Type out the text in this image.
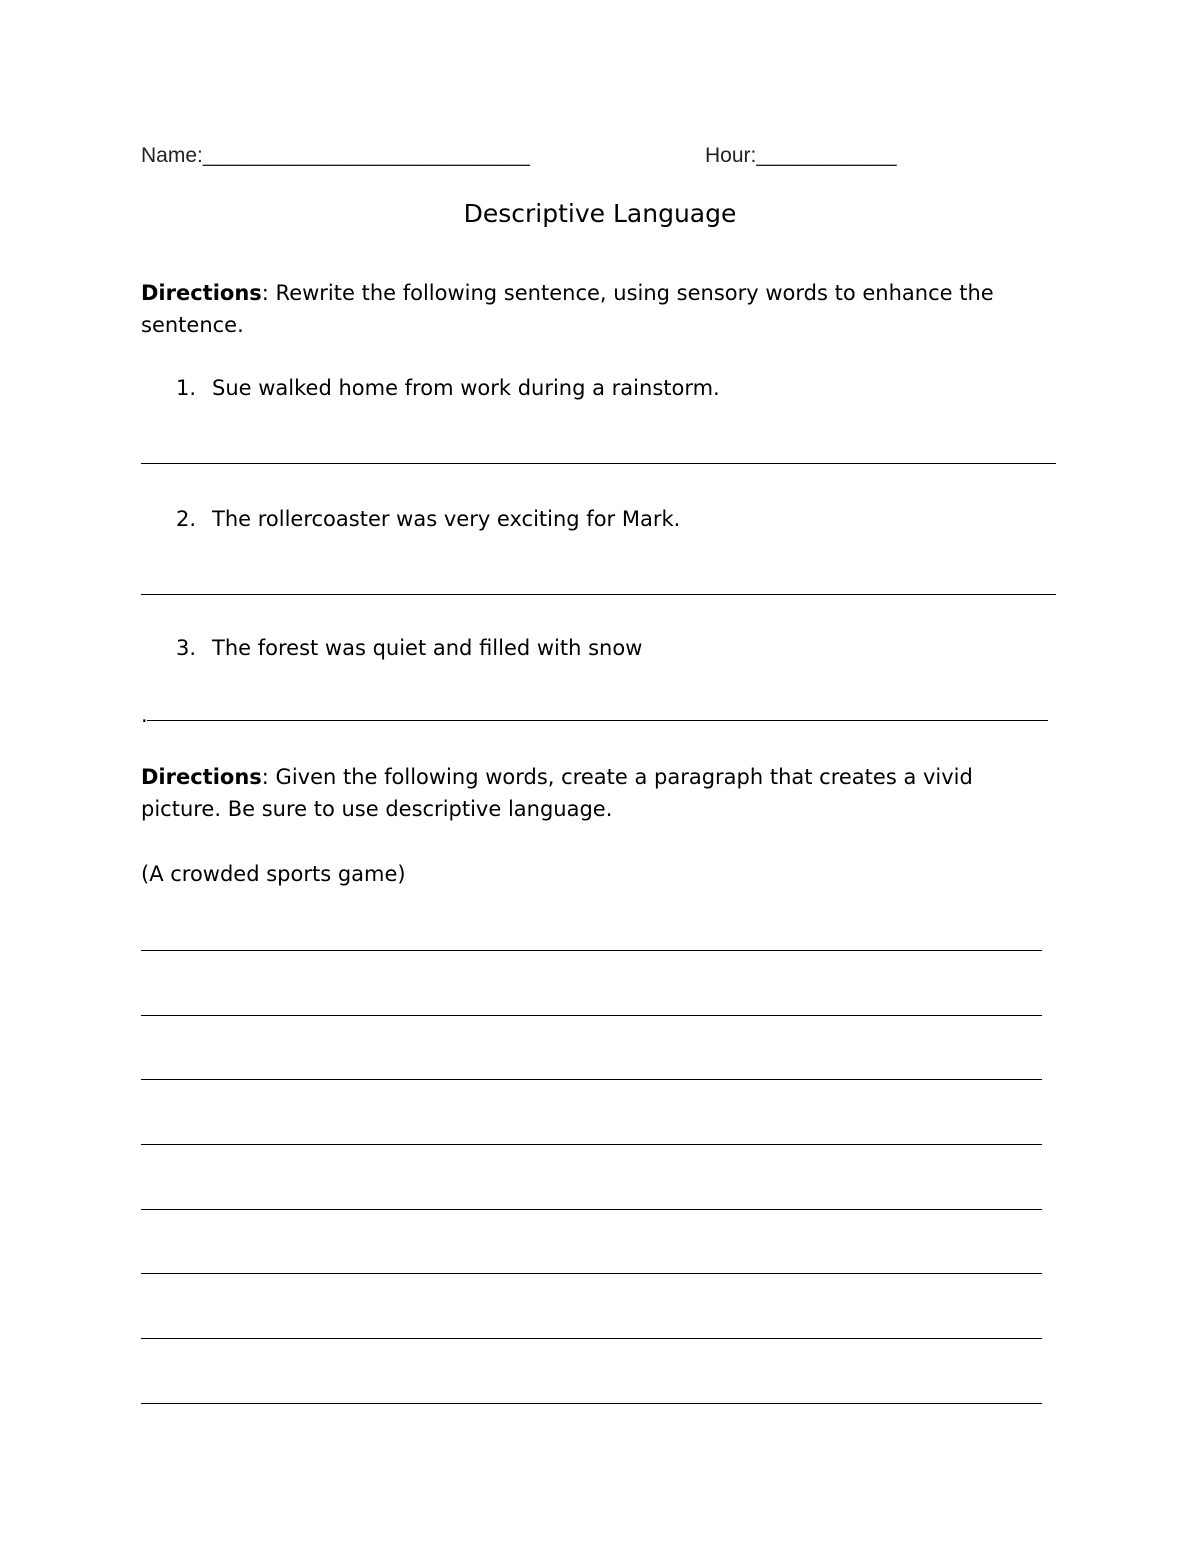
Name:____________________________	Hour:____________
Descriptive Language
Directions: Rewrite the following sentence, using sensory words to enhance the
sentence.
1. Sue walked home from work during a rainstorm.
2. The rollercoaster was very exciting for Mark.
3. The forest was quiet and filled with snow
.
Directions: Given the following words, create a paragraph that creates a vivid
picture. Be sure to use descriptive language.
(A crowded sports game)
